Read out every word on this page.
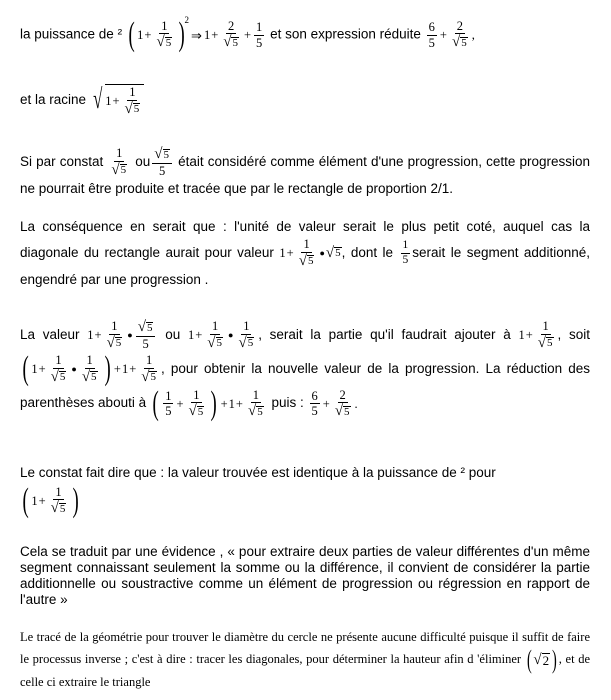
la puissance de ² ( $1 + \frac{1}{√ 5}$ ) 2
⇒ $1 + \frac{2}{√ 5} + \frac{1}{5}$ et son expression réduite 6
5
+ $\frac{2}{√ 5}$ ,
et la racine √ $1 + \frac{1}{√ 5}$
Si par constat
1
√ 5
ou √ 5
5
était considéré comme élément d'une progression, cette progression ne pourrait être produite et tracée que par le rectangle de proportion 2/1.
La conséquence en serait que : l'unité de valeur serait le plus petit coté, auquel cas la diagonale du rectangle aurait pour valeur $1 + \frac{1}{√ 5}$ ● √ 5 , dont le 1
5 serait le segment additionné, engendré par une progression .
La valeur $1 + \frac{1}{√ 5}$ ● √ 5
5
ou $1 + \frac{1}{√ 5}$ ●
1
√ 5
, serait la partie qu'il faudrait ajouter à $1 + \frac{1}{√ 5}$ , soit
( $1 + \frac{1}{√ 5}$ ●
1
√ 5 ) + $1 + \frac{1}{√ 5}$ , pour obtenir la nouvelle valeur de la progression. La réduction des parenthèses abouti à ( 1
5
+ $\frac{1}{√ 5}$ ) + $1 + \frac{1}{√ 5}$ puis : 6
5
+ $\frac{2}{√ 5}$ .
Le constat fait dire que : la valeur trouvée est identique à la puissance de ² pour

( $1 + \frac{1}{√ 5}$ )
Cela se traduit par une évidence , « pour extraire deux parties de valeur différentes d'un même segment connaissant seulement la somme ou la différence, il convient de considérer la partie additionnelle ou soustractive comme un élément de progression ou régression en rapport de l'autre »
Le tracé de la géométrie pour trouver le diamètre du cercle ne présente aucune difficulté puisque il suffit de faire le processus inverse ; c'est à dire : tracer les diagonales, pour déterminer la hauteur afin d 'éliminer ( √ 2 ) , et de celle ci extraire le triangle
